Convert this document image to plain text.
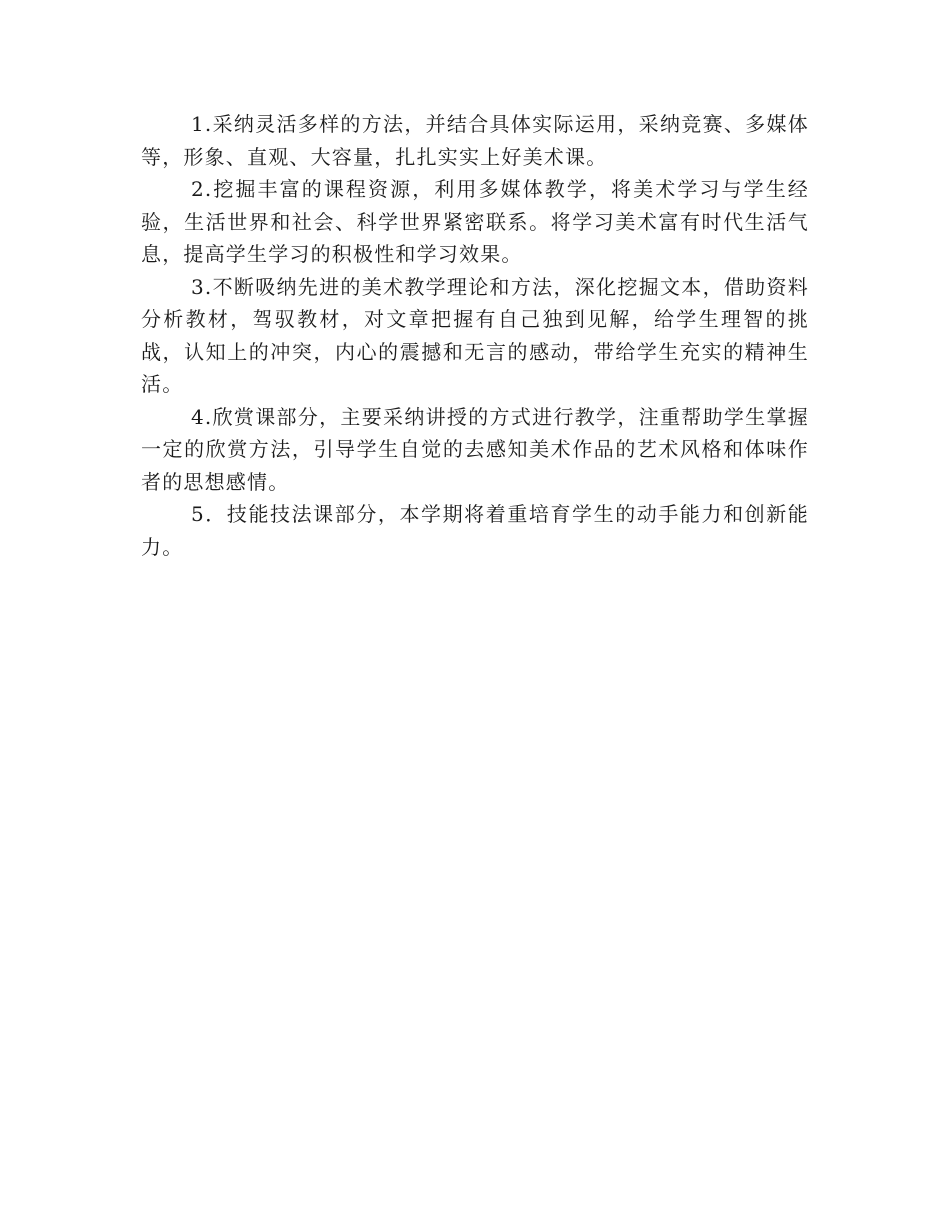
1.采纳灵活多样的方法，并结合具体实际运用，采纳竞赛、多媒体等，形象、直观、大容量，扎扎实实上好美术课。

2.挖掘丰富的课程资源，利用多媒体教学，将美术学习与学生经验，生活世界和社会、科学世界紧密联系。将学习美术富有时代生活气息，提高学生学习的积极性和学习效果。

3.不断吸纳先进的美术教学理论和方法，深化挖掘文本，借助资料分析教材，驾驭教材，对文章把握有自己独到见解，给学生理智的挑战，认知上的冲突，内心的震撼和无言的感动，带给学生充实的精神生活。

4.欣赏课部分，主要采纳讲授的方式进行教学，注重帮助学生掌握一定的欣赏方法，引导学生自觉的去感知美术作品的艺术风格和体味作者的思想感情。

5．技能技法课部分，本学期将着重培育学生的动手能力和创新能力。
